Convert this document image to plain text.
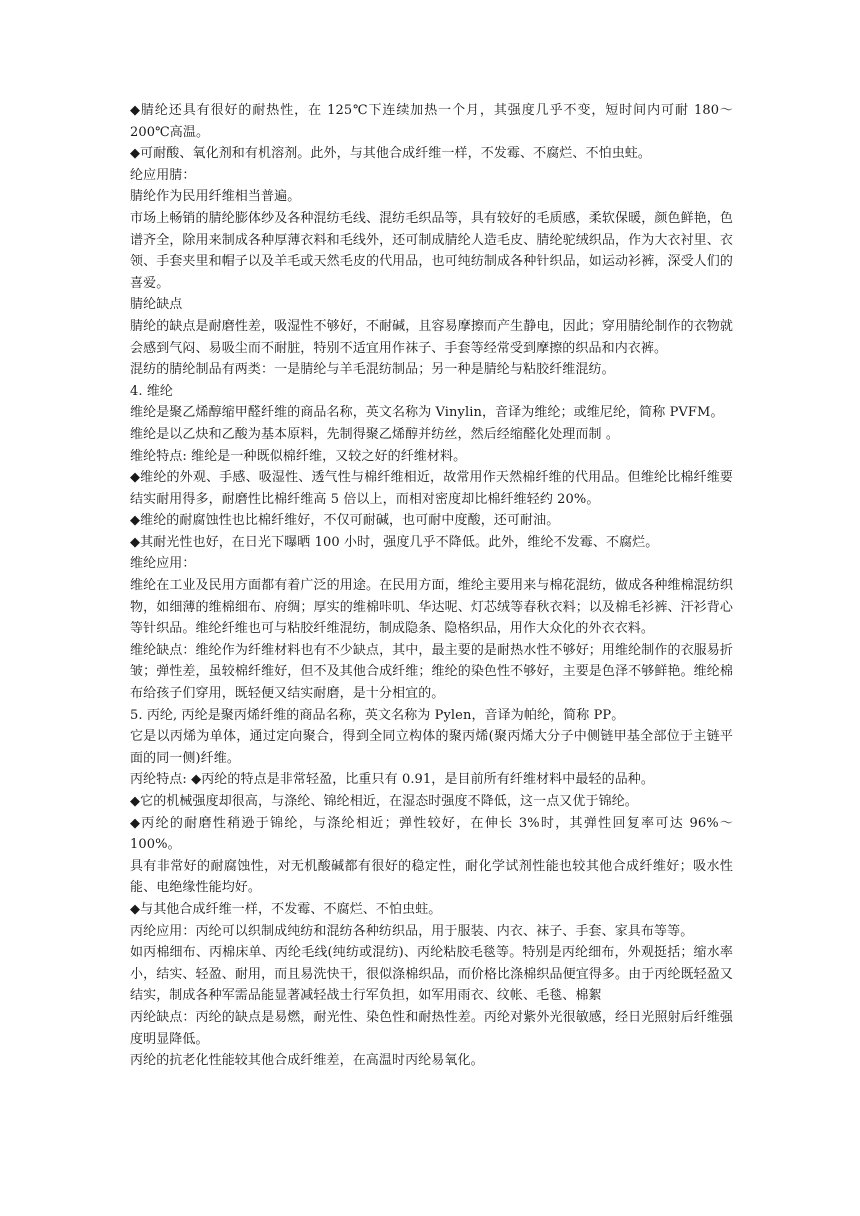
◆腈纶还具有很好的耐热性，在 125℃下连续加热一个月，其强度几乎不变，短时间内可耐 180～200℃高温。

◆可耐酸、氧化剂和有机溶剂。此外，与其他合成纤维一样，不发霉、不腐烂、不怕虫蛀。

纶应用腈：

腈纶作为民用纤维相当普遍。

市场上畅销的腈纶膨体纱及各种混纺毛线、混纺毛织品等，具有较好的毛质感，柔软保暖，颜色鲜艳，色谱齐全，除用来制成各种厚薄衣料和毛线外，还可制成腈纶人造毛皮、腈纶驼绒织品，作为大衣衬里、衣领、手套夹里和帽子以及羊毛或天然毛皮的代用品，也可纯纺制成各种针织品，如运动衫裤，深受人们的喜爱。

腈纶缺点

腈纶的缺点是耐磨性差，吸湿性不够好，不耐碱，且容易摩擦而产生静电，因此；穿用腈纶制作的衣物就会感到气闷、易吸尘而不耐脏，特别不适宜用作袜子、手套等经常受到摩擦的织品和内衣裤。

混纺的腈纶制品有两类：一是腈纶与羊毛混纺制品；另一种是腈纶与粘胶纤维混纺。

4. 维纶

维纶是聚乙烯醇缩甲醛纤维的商品名称，英文名称为 Vinylin，音译为维纶；或维尼纶，简称 PVFM。

维纶是以乙炔和乙酸为基本原料，先制得聚乙烯醇并纺丝，然后经缩醛化处理而制 。

维纶特点: 维纶是一种既似棉纤维，又较之好的纤维材料。

◆维纶的外观、手感、吸湿性、透气性与棉纤维相近，故常用作天然棉纤维的代用品。但维纶比棉纤维要结实耐用得多，耐磨性比棉纤维高 5 倍以上，而相对密度却比棉纤维轻约 20%。

◆维纶的耐腐蚀性也比棉纤维好，不仅可耐碱，也可耐中度酸，还可耐油。

◆其耐光性也好，在日光下曝晒 100 小时，强度几乎不降低。此外，维纶不发霉、不腐烂。

维纶应用：

维纶在工业及民用方面都有着广泛的用途。在民用方面，维纶主要用来与棉花混纺，做成各种维棉混纺织物，如细薄的维棉细布、府绸；厚实的维棉咔叽、华达呢、灯芯绒等春秋衣料；以及棉毛衫裤、汗衫背心等针织品。维纶纤维也可与粘胶纤维混纺，制成隐条、隐格织品，用作大众化的外衣衣料。

维纶缺点：维纶作为纤维材料也有不少缺点，其中，最主要的是耐热水性不够好；用维纶制作的衣服易折皱；弹性差，虽较棉纤维好，但不及其他合成纤维；维纶的染色性不够好，主要是色泽不够鲜艳。维纶棉布给孩子们穿用，既轻便又结实耐磨，是十分相宜的。

5. 丙纶, 丙纶是聚丙烯纤维的商品名称，英文名称为 Pylen，音译为帕纶，简称 PP。

它是以丙烯为单体，通过定向聚合，得到全同立构体的聚丙烯(聚丙烯大分子中侧链甲基全部位于主链平面的同一侧)纤维。

丙纶特点: ◆丙纶的特点是非常轻盈，比重只有 0.91，是目前所有纤维材料中最轻的品种。

◆它的机械强度却很高，与涤纶、锦纶相近，在湿态时强度不降低，这一点又优于锦纶。

◆丙纶的耐磨性稍逊于锦纶，与涤纶相近；弹性较好，在伸长 3%时，其弹性回复率可达 96%～100%。

具有非常好的耐腐蚀性，对无机酸碱都有很好的稳定性，耐化学试剂性能也较其他合成纤维好；吸水性能、电绝缘性能均好。

◆与其他合成纤维一样，不发霉、不腐烂、不怕虫蛀。

丙纶应用：丙纶可以织制成纯纺和混纺各种纺织品，用于服装、内衣、袜子、手套、家具布等等。

如丙棉细布、丙棉床单、丙纶毛线(纯纺或混纺)、丙纶粘胶毛毯等。特别是丙纶细布，外观挺括；缩水率小，结实、轻盈、耐用，而且易洗快干，很似涤棉织品，而价格比涤棉织品便宜得多。由于丙纶既轻盈又结实，制成各种军需品能显著减轻战士行军负担，如军用雨衣、纹帐、毛毯、棉絮

丙纶缺点：丙纶的缺点是易燃，耐光性、染色性和耐热性差。丙纶对紫外光很敏感，经日光照射后纤维强度明显降低。

丙纶的抗老化性能较其他合成纤维差，在高温时丙纶易氧化。
